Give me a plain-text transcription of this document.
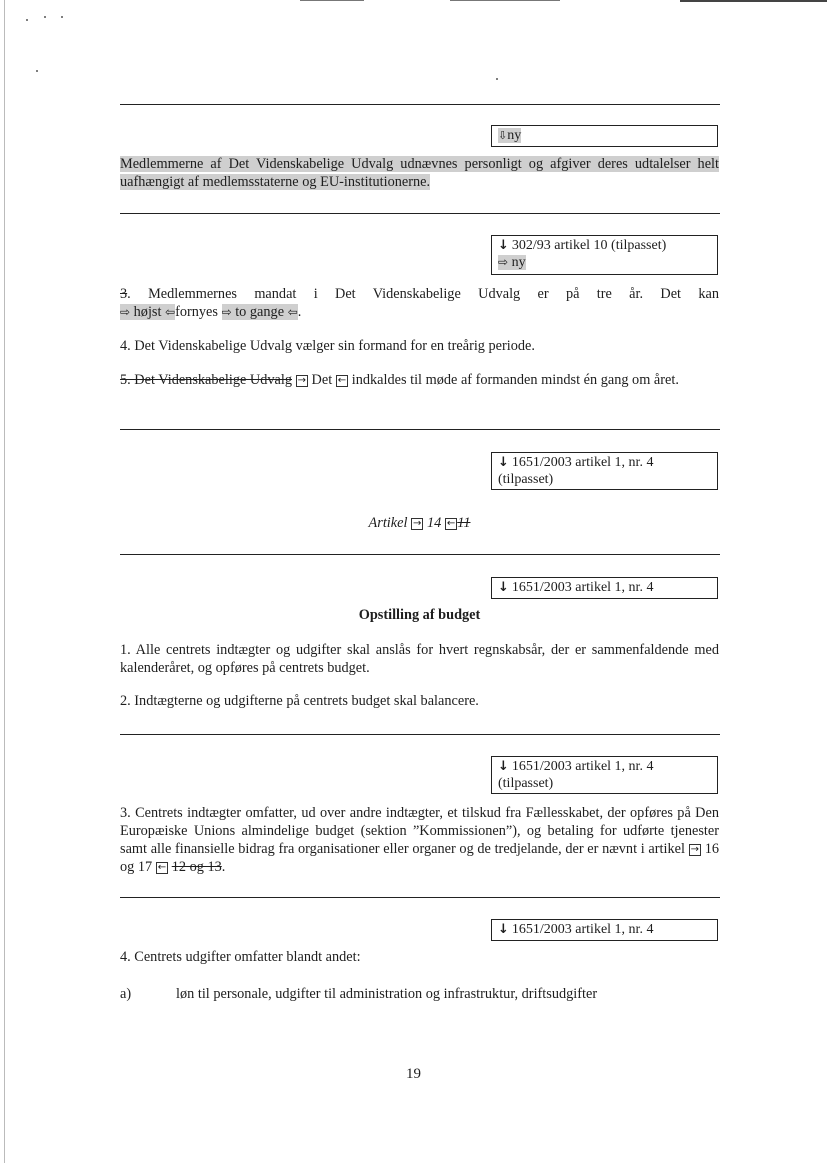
⇩ny
Medlemmerne af Det Videnskabelige Udvalg udnævnes personligt og afgiver deres udtalelser helt uafhængigt af medlemsstaterne og EU-institutionerne.
↓ 302/93 artikel 10 (tilpasset)
⇨ ny
3. Medlemmernes mandat i Det Videnskabelige Udvalg er på tre år. Det kan
⇨ højst ⇦fornyes ⇨ to gange ⇦.
4. Det Videnskabelige Udvalg vælger sin formand for en treårig periode.
5. Det Videnskabelige Udvalg → Det ← indkaldes til møde af formanden mindst én gang om året.
↓ 1651/2003 artikel 1, nr. 4
(tilpasset)
Artikel → 14 ← 11
↓ 1651/2003 artikel 1, nr. 4
Opstilling af budget
1. Alle centrets indtægter og udgifter skal anslås for hvert regnskabsår, der er sammenfaldende med kalenderåret, og opføres på centrets budget.
2. Indtægterne og udgifterne på centrets budget skal balancere.
↓ 1651/2003 artikel 1, nr. 4
(tilpasset)
3. Centrets indtægter omfatter, ud over andre indtægter, et tilskud fra Fællesskabet, der opføres på Den Europæiske Unions almindelige budget (sektion ”Kommissionen”), og betaling for udførte tjenester samt alle finansielle bidrag fra organisationer eller organer og de tredjelande, der er nævnt i artikel → 16 og 17 ← 12 og 13.
↓ 1651/2003 artikel 1, nr. 4
4. Centrets udgifter omfatter blandt andet:
a)	løn til personale, udgifter til administration og infrastruktur, driftsudgifter
19
